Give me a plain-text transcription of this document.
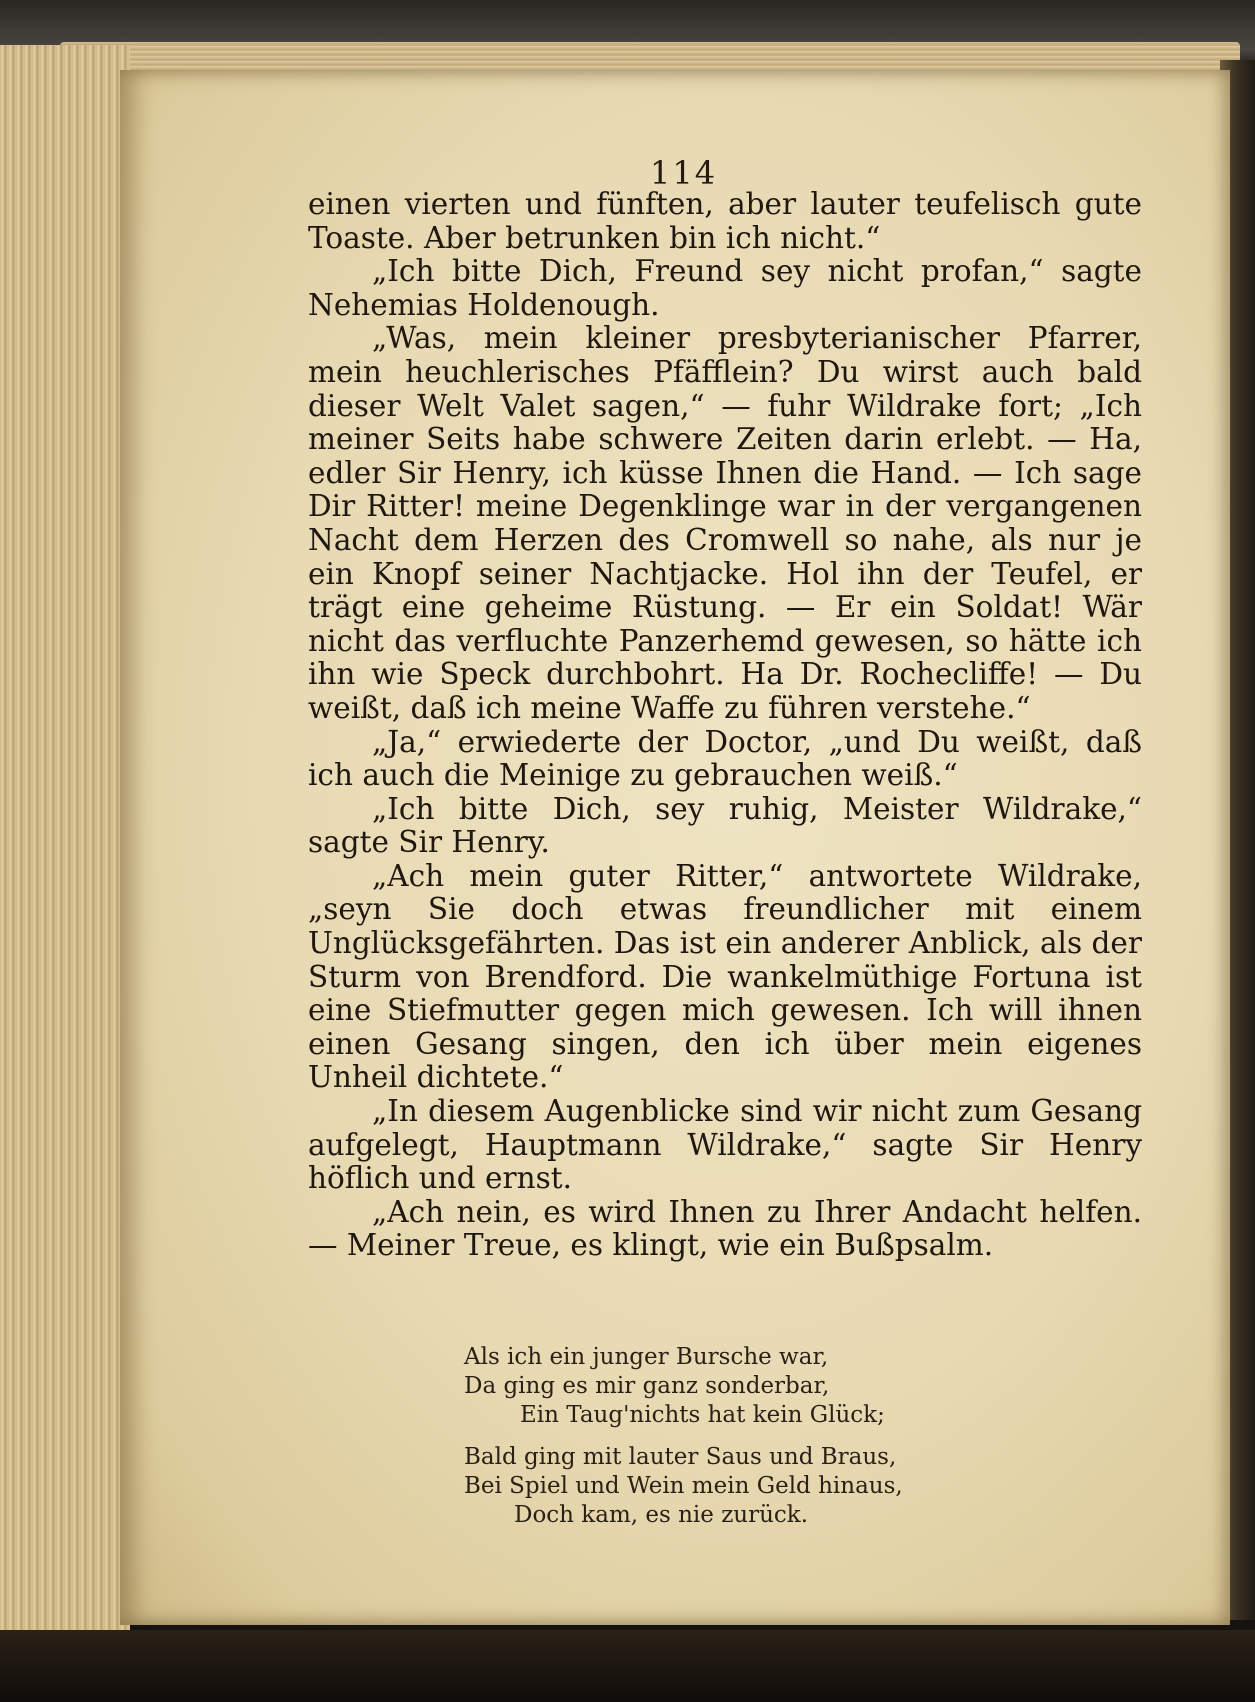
114

einen vierten und fünften, aber lauter teufelisch gute Toaste. Aber betrunken bin ich nicht.“

„Ich bitte Dich, Freund sey nicht profan,“ sagte Nehemias Holdenough.

„Was, mein kleiner presbyterianischer Pfarrer, mein heuchlerisches Pfäfflein? Du wirst auch bald dieser Welt Valet sagen,“ — fuhr Wildrake fort; „Ich meiner Seits habe schwere Zeiten darin erlebt. — Ha, edler Sir Henry, ich küsse Ihnen die Hand. — Ich sage Dir Ritter! meine Degenklinge war in der vergangenen Nacht dem Herzen des Cromwell so nahe, als nur je ein Knopf seiner Nachtjacke. Hol ihn der Teufel, er trägt eine geheime Rüstung. — Er ein Soldat! Wär nicht das verfluchte Panzerhemd gewesen, so hätte ich ihn wie Speck durchbohrt. Ha Dr. Rochecliffe! — Du weißt, daß ich meine Waffe zu führen verstehe.“

„Ja,“ erwiederte der Doctor, „und Du weißt, daß ich auch die Meinige zu gebrauchen weiß.“

„Ich bitte Dich, sey ruhig, Meister Wildrake,“ sagte Sir Henry.

„Ach mein guter Ritter,“ antwortete Wildrake, „seyn Sie doch etwas freundlicher mit einem Unglücksgefährten. Das ist ein anderer Anblick, als der Sturm von Brendford. Die wankelmüthige Fortuna ist eine Stiefmutter gegen mich gewesen. Ich will ihnen einen Gesang singen, den ich über mein eigenes Unheil dichtete.“

„In diesem Augenblicke sind wir nicht zum Gesang aufgelegt, Hauptmann Wildrake,“ sagte Sir Henry höflich und ernst.

„Ach nein, es wird Ihnen zu Ihrer Andacht helfen. — Meiner Treue, es klingt, wie ein Bußpsalm.

Als ich ein junger Bursche war,
Da ging es mir ganz sonderbar,
Ein Taug'nichts hat kein Glück;
Bald ging mit lauter Saus und Braus,
Bei Spiel und Wein mein Geld hinaus,
Doch kam, es nie zurück.
